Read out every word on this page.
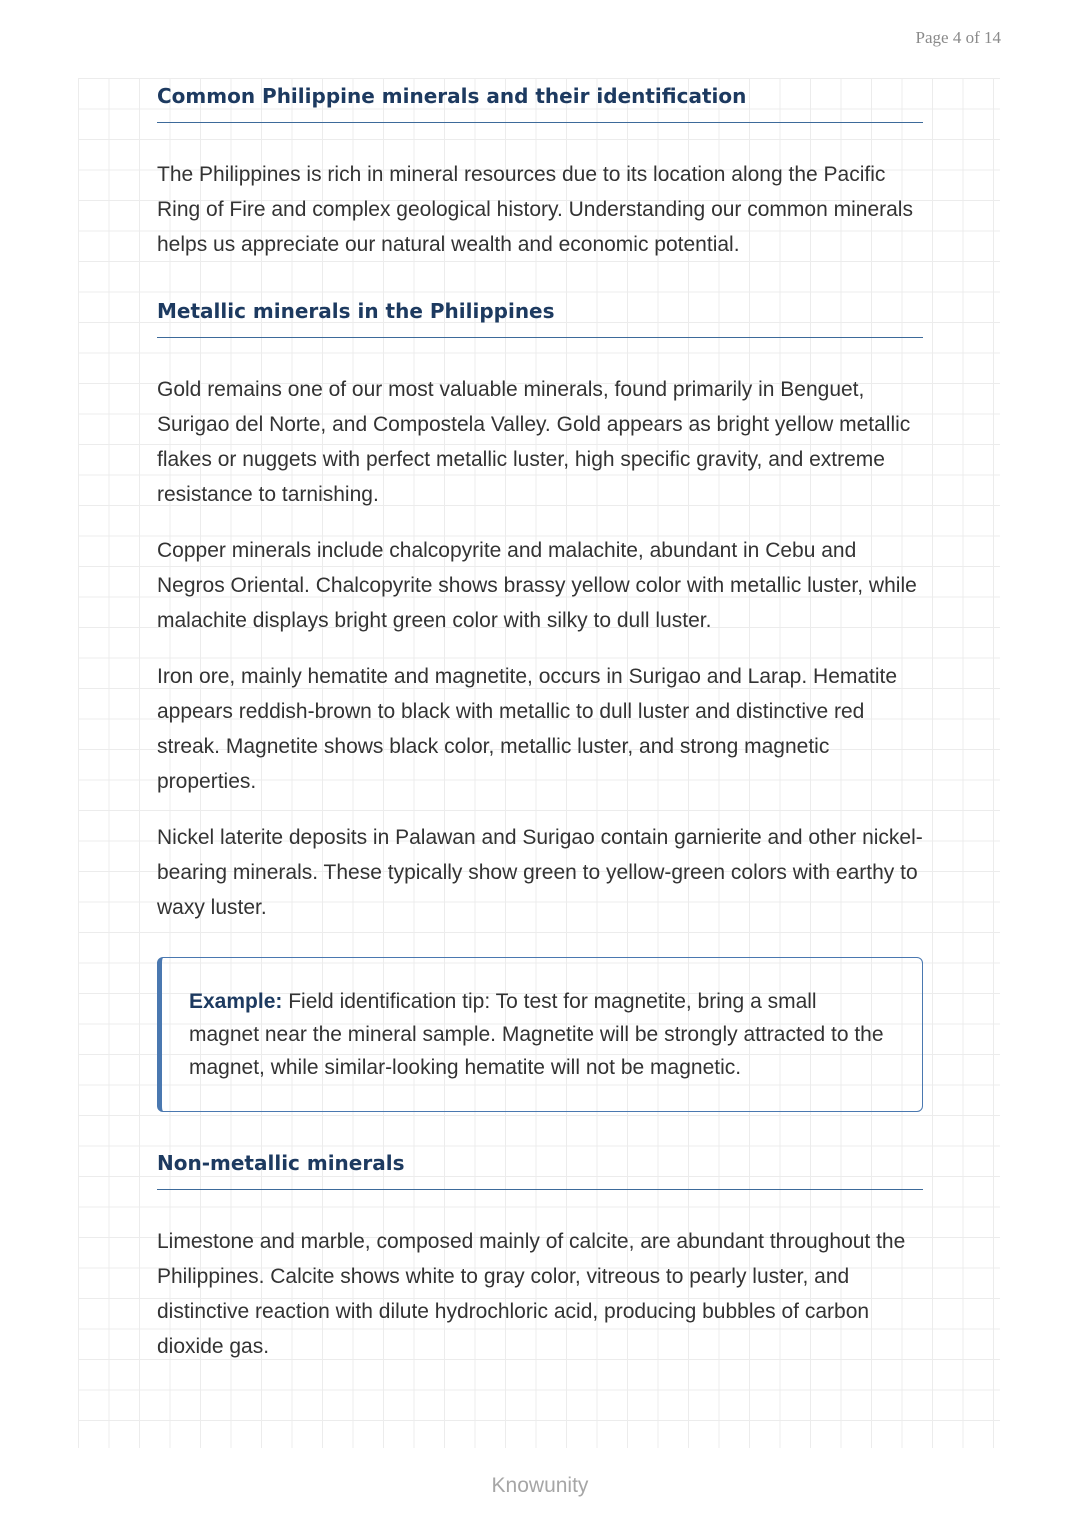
Page 4 of 14
Common Philippine minerals and their identification

The Philippines is rich in mineral resources due to its location along the Pacific Ring of Fire and complex geological history. Understanding our common minerals helps us appreciate our natural wealth and economic potential.

Metallic minerals in the Philippines

Gold remains one of our most valuable minerals, found primarily in Benguet, Surigao del Norte, and Compostela Valley. Gold appears as bright yellow metallic flakes or nuggets with perfect metallic luster, high specific gravity, and extreme resistance to tarnishing.

Copper minerals include chalcopyrite and malachite, abundant in Cebu and Negros Oriental. Chalcopyrite shows brassy yellow color with metallic luster, while malachite displays bright green color with silky to dull luster.

Iron ore, mainly hematite and magnetite, occurs in Surigao and Larap. Hematite appears reddish-brown to black with metallic to dull luster and distinctive red streak. Magnetite shows black color, metallic luster, and strong magnetic properties.

Nickel laterite deposits in Palawan and Surigao contain garnierite and other nickel-bearing minerals. These typically show green to yellow-green colors with earthy to waxy luster.

Example: Field identification tip: To test for magnetite, bring a small magnet near the mineral sample. Magnetite will be strongly attracted to the magnet, while similar-looking hematite will not be magnetic.
Non-metallic minerals

Limestone and marble, composed mainly of calcite, are abundant throughout the Philippines. Calcite shows white to gray color, vitreous to pearly luster, and distinctive reaction with dilute hydrochloric acid, producing bubbles of carbon dioxide gas.

Knowunity
